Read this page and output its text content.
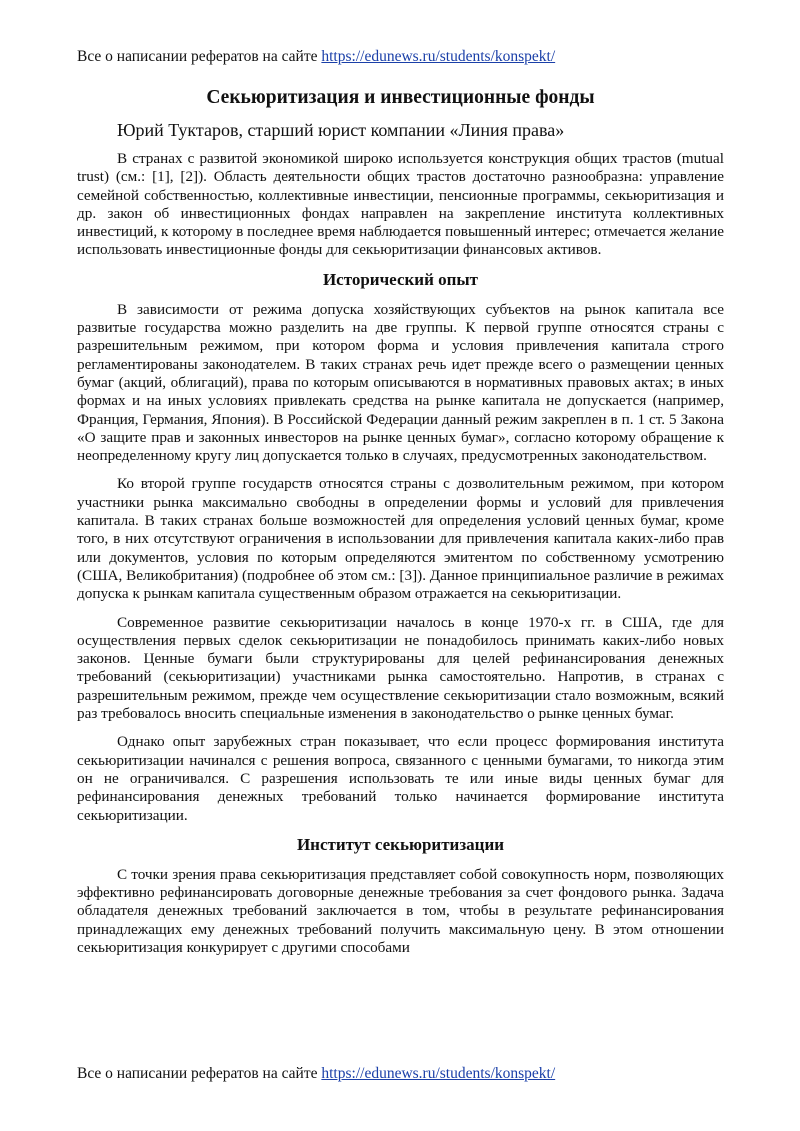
Все о написании рефератов на сайте https://edunews.ru/students/konspekt/
Секьюритизация и инвестиционные фонды
Юрий Туктаров, старший юрист компании «Линия права»

В странах с развитой экономикой широко используется конструкция общих трастов (mutual trust) (см.: [1], [2]). Область деятельности общих трастов достаточно разнообразна: управление семейной собственностью, коллективные инвестиции, пенсионные программы, секьюритизация и др. закон об инвестиционных фондах направлен на закрепление института коллективных инвестиций, к которому в последнее время наблюдается повышенный интерес; отмечается желание использовать инвестиционные фонды для секьюритизации финансовых активов.

Исторический опыт

В зависимости от режима допуска хозяйствующих субъектов на рынок капитала все развитые государства можно разделить на две группы. К первой группе относятся страны с разрешительным режимом, при котором форма и условия привлечения капитала строго регламентированы законодателем. В таких странах речь идет прежде всего о размещении ценных бумаг (акций, облигаций), права по которым описываются в нормативных правовых актах; в иных формах и на иных условиях привлекать средства на рынке капитала не допускается (например, Франция, Германия, Япония). В Российской Федерации данный режим закреплен в п. 1 ст. 5 Закона «О защите прав и законных инвесторов на рынке ценных бумаг», согласно которому обращение к неопределенному кругу лиц допускается только в случаях, предусмотренных законодательством.

Ко второй группе государств относятся страны с дозволительным режимом, при котором участники рынка максимально свободны в определении формы и условий для привлечения капитала. В таких странах больше возможностей для определения условий ценных бумаг, кроме того, в них отсутствуют ограничения в использовании для привлечения капитала каких-либо прав или документов, условия по которым определяются эмитентом по собственному усмотрению (США, Великобритания) (подробнее об этом см.: [3]). Данное принципиальное различие в режимах допуска к рынкам капитала существенным образом отражается на секьюритизации.

Современное развитие секьюритизации началось в конце 1970-х гг. в США, где для осуществления первых сделок секьюритизации не понадобилось принимать каких-либо новых законов. Ценные бумаги были структурированы для целей рефинансирования денежных требований (секьюритизации) участниками рынка самостоятельно. Напротив, в странах с разрешительным режимом, прежде чем осуществление секьюритизации стало возможным, всякий раз требовалось вносить специальные изменения в законодательство о рынке ценных бумаг.

Однако опыт зарубежных стран показывает, что если процесс формирования института секьюритизации начинался с решения вопроса, связанного с ценными бумагами, то никогда этим он не ограничивался. С разрешения использовать те или иные виды ценных бумаг для рефинансирования денежных требований только начинается формирование института секьюритизации.

Институт секьюритизации

С точки зрения права секьюритизация представляет собой совокупность норм, позволяющих эффективно рефинансировать договорные денежные требования за счет фондового рынка. Задача обладателя денежных требований заключается в том, чтобы в результате рефинансирования принадлежащих ему денежных требований получить максимальную цену. В этом отношении секьюритизация конкурирует с другими способами

Все о написании рефератов на сайте https://edunews.ru/students/konspekt/
